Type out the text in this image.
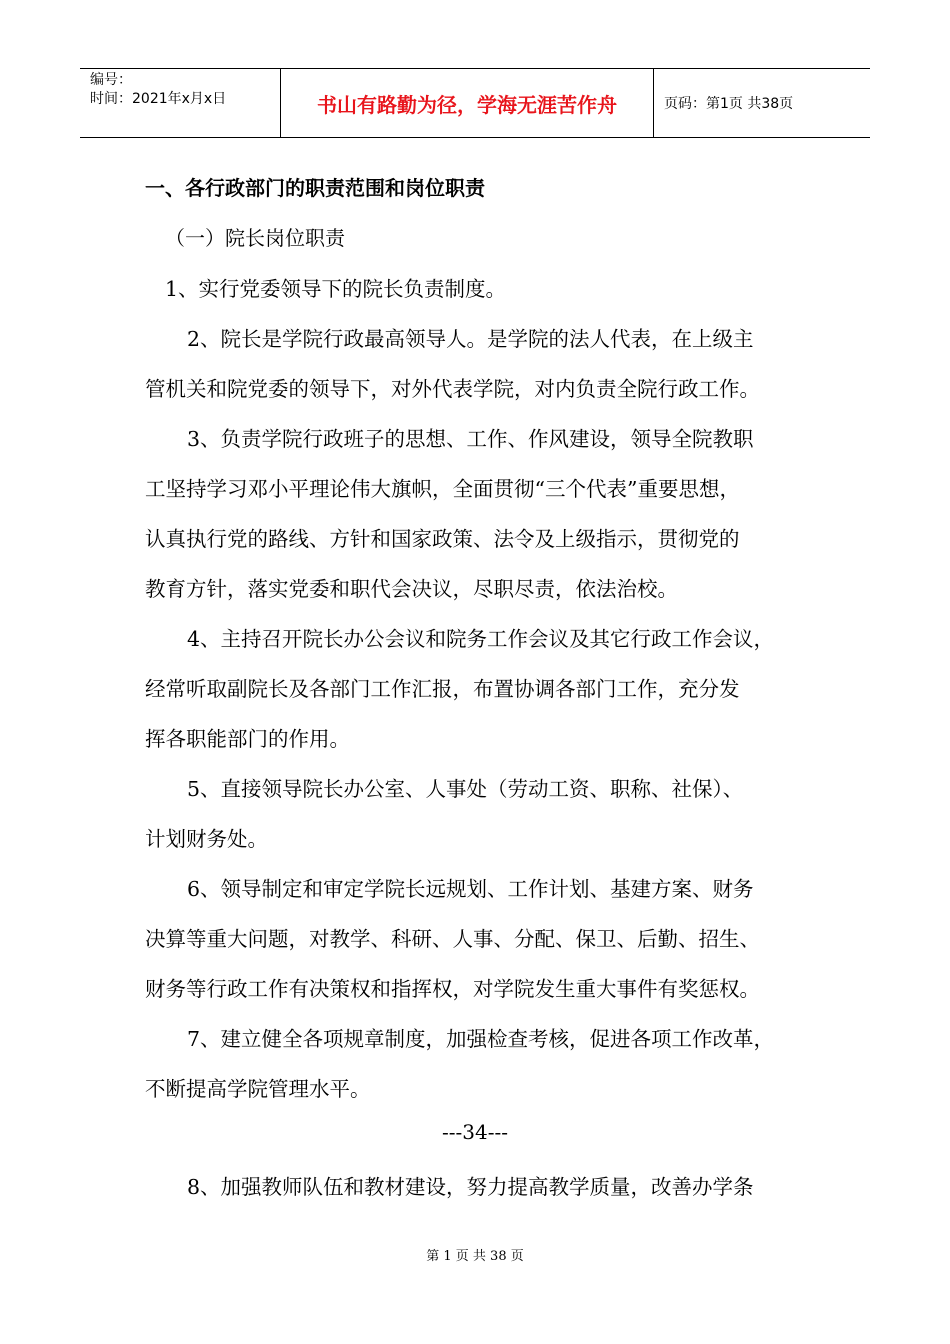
编号：
时间：2021年x月x日	书山有路勤为径，学海无涯苦作舟	页码：第1页 共38页
一、各行政部门的职责范围和岗位职责
（一）院长岗位职责
1、实行党委领导下的院长负责制度。
2、院长是学院行政最高领导人。是学院的法人代表，在上级主
管机关和院党委的领导下，对外代表学院，对内负责全院行政工作。
3、负责学院行政班子的思想、工作、作风建设，领导全院教职
工坚持学习邓小平理论伟大旗帜，全面贯彻“三个代表”重要思想，
认真执行党的路线、方针和国家政策、法令及上级指示，贯彻党的
教育方针，落实党委和职代会决议，尽职尽责，依法治校。
4、主持召开院长办公会议和院务工作会议及其它行政工作会议，
经常听取副院长及各部门工作汇报，布置协调各部门工作，充分发
挥各职能部门的作用。
5、直接领导院长办公室、人事处（劳动工资、职称、社保）、
计划财务处。
6、领导制定和审定学院长远规划、工作计划、基建方案、财务
决算等重大问题，对教学、科研、人事、分配、保卫、后勤、招生、
财务等行政工作有决策权和指挥权，对学院发生重大事件有奖惩权。
7、建立健全各项规章制度，加强检查考核，促进各项工作改革，
不断提高学院管理水平。
8、加强教师队伍和教材建设，努力提高教学质量，改善办学条
---34---
第 1 页 共 38 页
